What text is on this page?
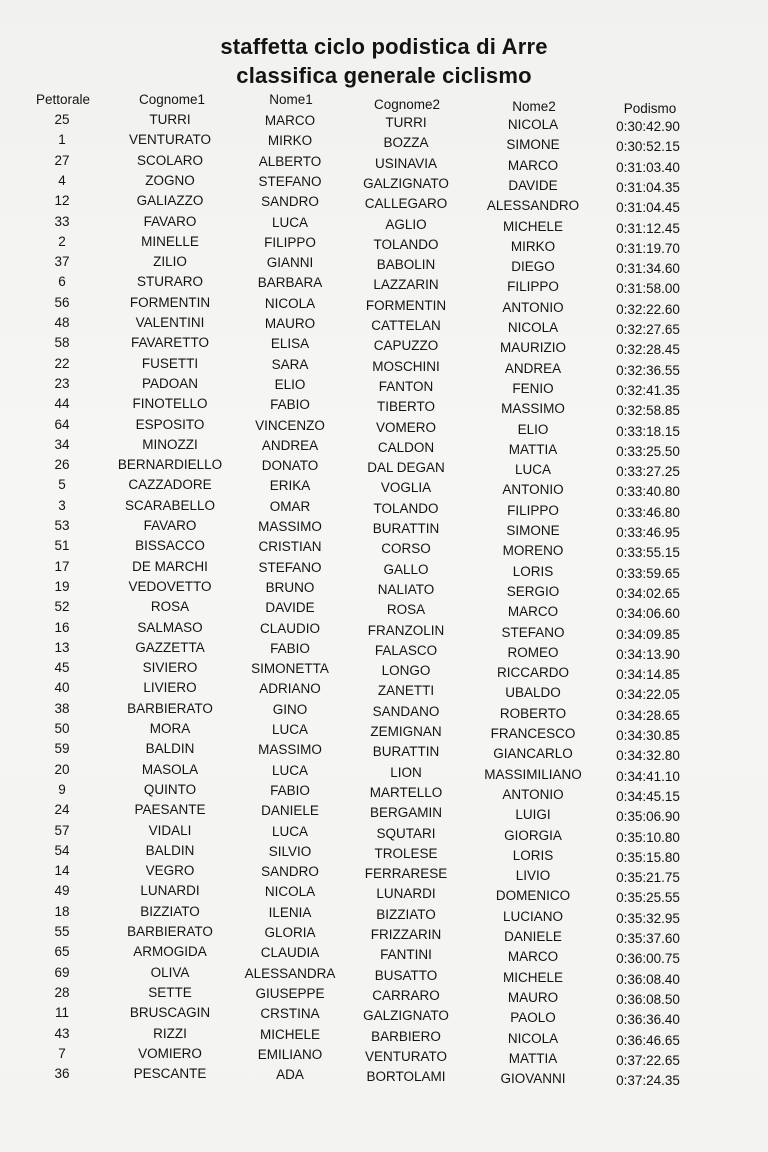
staffetta ciclo podistica di Arre
classifica generale ciclismo
Pettorale	Cognome1	Nome1	Cognome2	Nome2	Podismo
25	TURRI	MARCO	TURRI	NICOLA	0:30:42.90
1	VENTURATO	MIRKO	BOZZA	SIMONE	0:30:52.15
27	SCOLARO	ALBERTO	USINAVIA	MARCO	0:31:03.40
4	ZOGNO	STEFANO	GALZIGNATO	DAVIDE	0:31:04.35
12	GALIAZZO	SANDRO	CALLEGARO	ALESSANDRO	0:31:04.45
33	FAVARO	LUCA	AGLIO	MICHELE	0:31:12.45
2	MINELLE	FILIPPO	TOLANDO	MIRKO	0:31:19.70
37	ZILIO	GIANNI	BABOLIN	DIEGO	0:31:34.60
6	STURARO	BARBARA	LAZZARIN	FILIPPO	0:31:58.00
56	FORMENTIN	NICOLA	FORMENTIN	ANTONIO	0:32:22.60
48	VALENTINI	MAURO	CATTELAN	NICOLA	0:32:27.65
58	FAVARETTO	ELISA	CAPUZZO	MAURIZIO	0:32:28.45
22	FUSETTI	SARA	MOSCHINI	ANDREA	0:32:36.55
23	PADOAN	ELIO	FANTON	FENIO	0:32:41.35
44	FINOTELLO	FABIO	TIBERTO	MASSIMO	0:32:58.85
64	ESPOSITO	VINCENZO	VOMERO	ELIO	0:33:18.15
34	MINOZZI	ANDREA	CALDON	MATTIA	0:33:25.50
26	BERNARDIELLO	DONATO	DAL DEGAN	LUCA	0:33:27.25
5	CAZZADORE	ERIKA	VOGLIA	ANTONIO	0:33:40.80
3	SCARABELLO	OMAR	TOLANDO	FILIPPO	0:33:46.80
53	FAVARO	MASSIMO	BURATTIN	SIMONE	0:33:46.95
51	BISSACCO	CRISTIAN	CORSO	MORENO	0:33:55.15
17	DE MARCHI	STEFANO	GALLO	LORIS	0:33:59.65
19	VEDOVETTO	BRUNO	NALIATO	SERGIO	0:34:02.65
52	ROSA	DAVIDE	ROSA	MARCO	0:34:06.60
16	SALMASO	CLAUDIO	FRANZOLIN	STEFANO	0:34:09.85
13	GAZZETTA	FABIO	FALASCO	ROMEO	0:34:13.90
45	SIVIERO	SIMONETTA	LONGO	RICCARDO	0:34:14.85
40	LIVIERO	ADRIANO	ZANETTI	UBALDO	0:34:22.05
38	BARBIERATO	GINO	SANDANO	ROBERTO	0:34:28.65
50	MORA	LUCA	ZEMIGNAN	FRANCESCO	0:34:30.85
59	BALDIN	MASSIMO	BURATTIN	GIANCARLO	0:34:32.80
20	MASOLA	LUCA	LION	MASSIMILIANO	0:34:41.10
9	QUINTO	FABIO	MARTELLO	ANTONIO	0:34:45.15
24	PAESANTE	DANIELE	BERGAMIN	LUIGI	0:35:06.90
57	VIDALI	LUCA	SQUTARI	GIORGIA	0:35:10.80
54	BALDIN	SILVIO	TROLESE	LORIS	0:35:15.80
14	VEGRO	SANDRO	FERRARESE	LIVIO	0:35:21.75
49	LUNARDI	NICOLA	LUNARDI	DOMENICO	0:35:25.55
18	BIZZIATO	ILENIA	BIZZIATO	LUCIANO	0:35:32.95
55	BARBIERATO	GLORIA	FRIZZARIN	DANIELE	0:35:37.60
65	ARMOGIDA	CLAUDIA	FANTINI	MARCO	0:36:00.75
69	OLIVA	ALESSANDRA	BUSATTO	MICHELE	0:36:08.40
28	SETTE	GIUSEPPE	CARRARO	MAURO	0:36:08.50
11	BRUSCAGIN	CRSTINA	GALZIGNATO	PAOLO	0:36:36.40
43	RIZZI	MICHELE	BARBIERO	NICOLA	0:36:46.65
7	VOMIERO	EMILIANO	VENTURATO	MATTIA	0:37:22.65
36	PESCANTE	ADA	BORTOLAMI	GIOVANNI	0:37:24.35
